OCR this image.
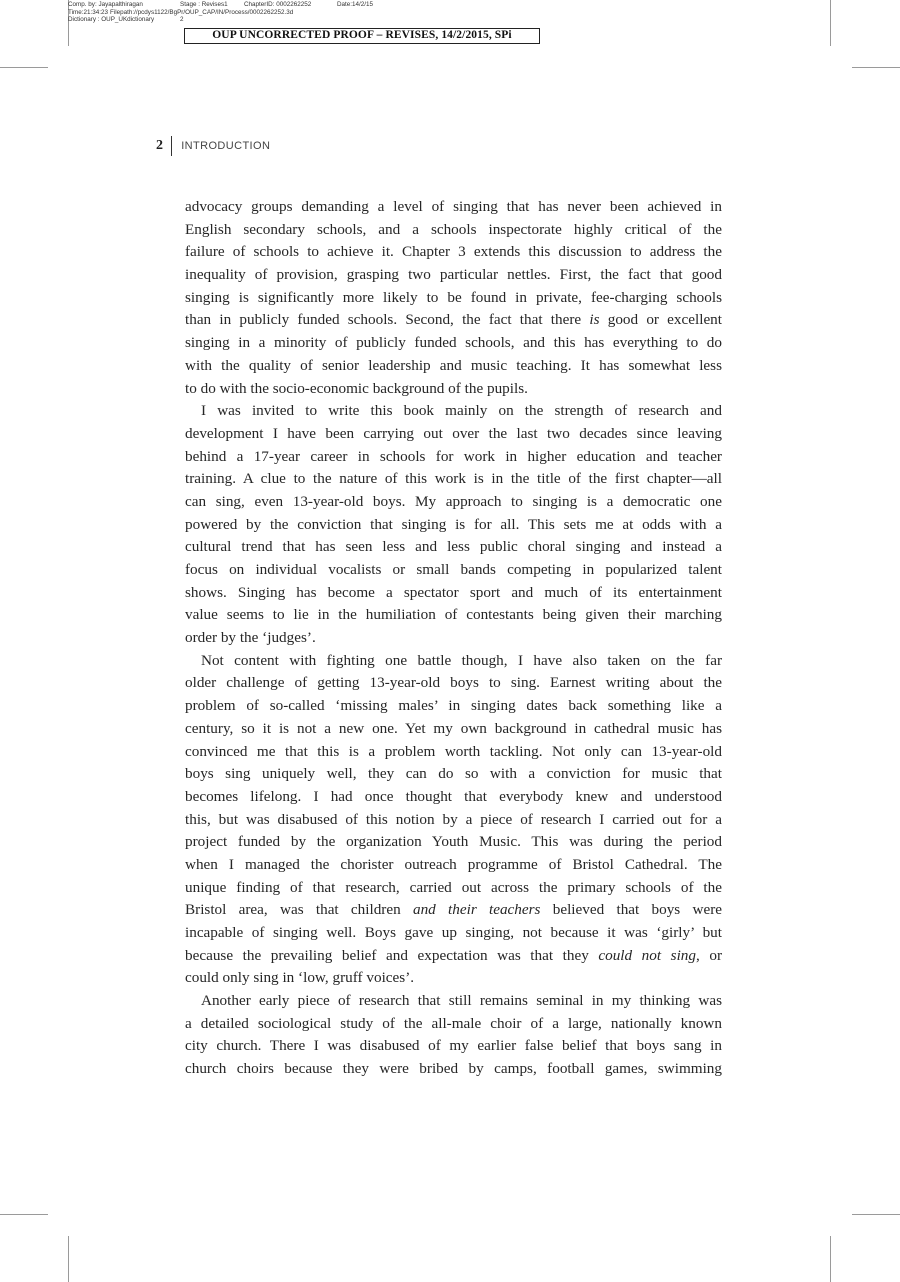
Comp. by: Jayapalthiragan	Stage : Revises1	ChapterID: 0002262252	Date:14/2/15
Time:21:34:23 Filepath://pcdys1122/BgPr/OUP_CAP/IN/Process/0002262252.3d
Dictionary : OUP_UKdictionary	2
OUP UNCORRECTED PROOF – REVISES, 14/2/2015, SPi
2 INTRODUCTION
advocacy groups demanding a level of singing that has never been achieved in
English secondary schools, and a schools inspectorate highly critical of the
failure of schools to achieve it. Chapter 3 extends this discussion to address the
inequality of provision, grasping two particular nettles. First, the fact that good
singing is significantly more likely to be found in private, fee-charging schools
than in publicly funded schools. Second, the fact that there is good or excellent
singing in a minority of publicly funded schools, and this has everything to do
with the quality of senior leadership and music teaching. It has somewhat less
to do with the socio-economic background of the pupils.
I was invited to write this book mainly on the strength of research and
development I have been carrying out over the last two decades since leaving
behind a 17-year career in schools for work in higher education and teacher
training. A clue to the nature of this work is in the title of the first chapter—all
can sing, even 13-year-old boys. My approach to singing is a democratic one
powered by the conviction that singing is for all. This sets me at odds with a
cultural trend that has seen less and less public choral singing and instead a
focus on individual vocalists or small bands competing in popularized talent
shows. Singing has become a spectator sport and much of its entertainment
value seems to lie in the humiliation of contestants being given their marching
order by the ‘judges’.
Not content with fighting one battle though, I have also taken on the far
older challenge of getting 13-year-old boys to sing. Earnest writing about the
problem of so-called ‘missing males’ in singing dates back something like a
century, so it is not a new one. Yet my own background in cathedral music has
convinced me that this is a problem worth tackling. Not only can 13-year-old
boys sing uniquely well, they can do so with a conviction for music that
becomes lifelong. I had once thought that everybody knew and understood
this, but was disabused of this notion by a piece of research I carried out for a
project funded by the organization Youth Music. This was during the period
when I managed the chorister outreach programme of Bristol Cathedral. The
unique finding of that research, carried out across the primary schools of the
Bristol area, was that children and their teachers believed that boys were
incapable of singing well. Boys gave up singing, not because it was ‘girly’ but
because the prevailing belief and expectation was that they could not sing, or
could only sing in ‘low, gruff voices’.
Another early piece of research that still remains seminal in my thinking was
a detailed sociological study of the all-male choir of a large, nationally known
city church. There I was disabused of my earlier false belief that boys sang in
church choirs because they were bribed by camps, football games, swimming
